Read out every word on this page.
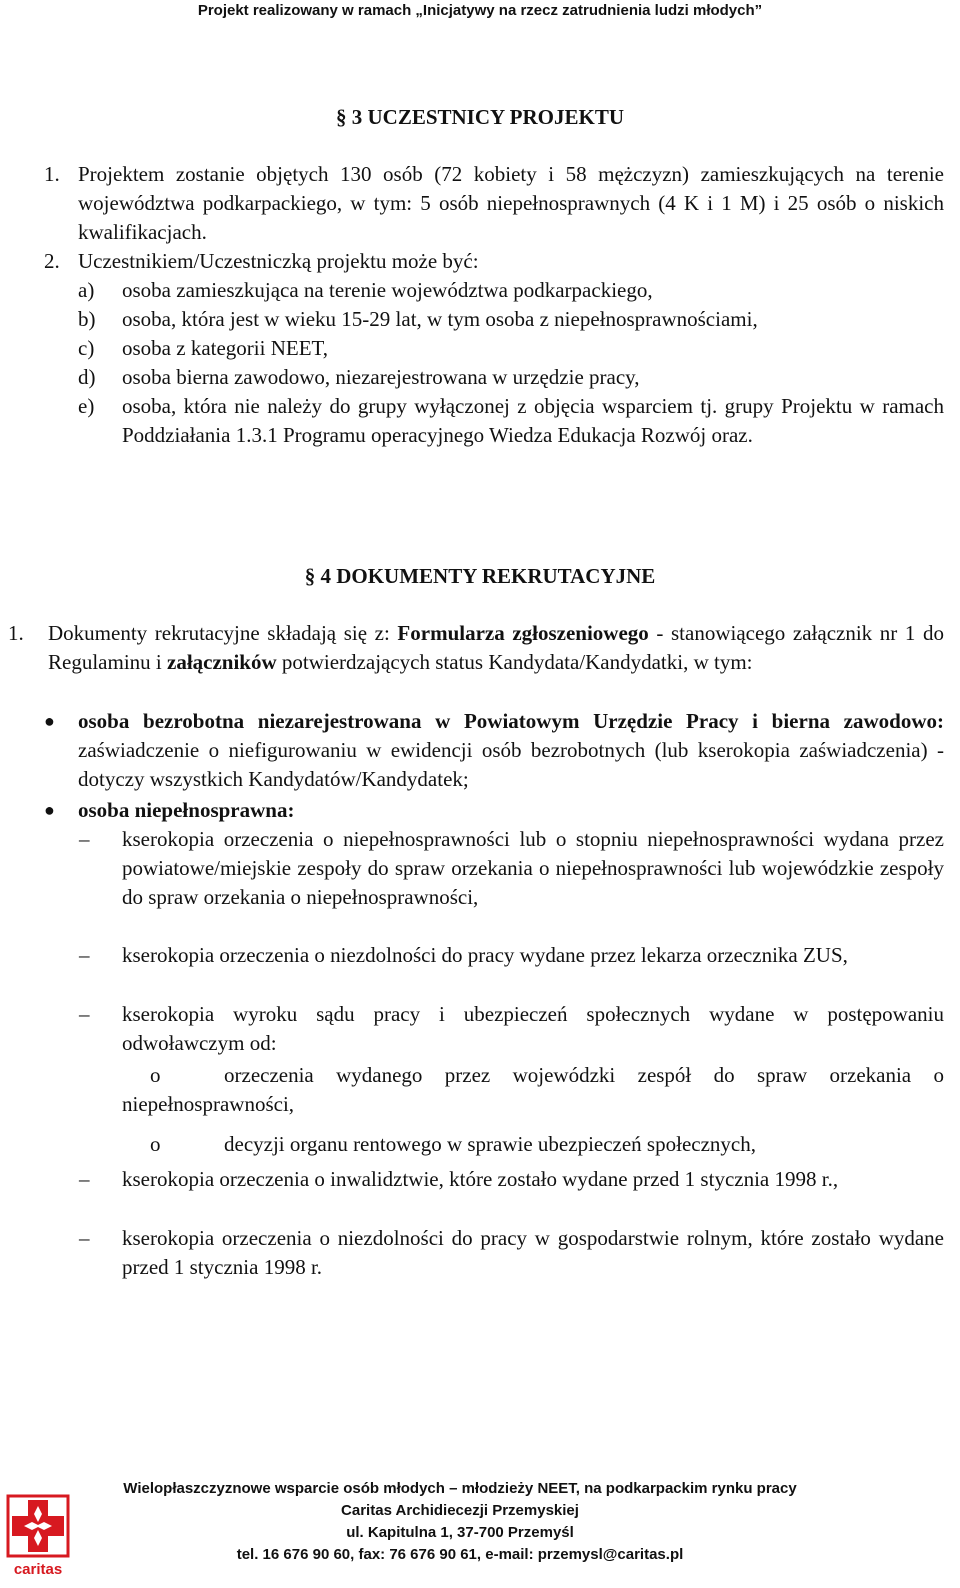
Projekt realizowany w ramach „Inicjatywy na rzecz zatrudnienia ludzi młodych”
§ 3 UCZESTNICY PROJEKTU
1. Projektem zostanie objętych 130 osób (72 kobiety i 58 mężczyzn) zamieszkujących na terenie województwa podkarpackiego, w tym: 5 osób niepełnosprawnych (4 K i 1 M) i 25 osób o niskich kwalifikacjach.
2. Uczestnikiem/Uczestniczką projektu może być:
a) osoba zamieszkująca na terenie województwa podkarpackiego,
b) osoba, która jest w wieku 15-29 lat, w tym osoba z niepełnosprawnościami,
c) osoba z kategorii NEET,
d) osoba bierna zawodowo, niezarejestrowana w urzędzie pracy,
e) osoba, która nie należy do grupy wyłączonej z objęcia wsparciem tj. grupy Projektu w ramach Poddziałania 1.3.1 Programu operacyjnego Wiedza Edukacja Rozwój oraz.
§ 4 DOKUMENTY REKRUTACYJNE
1. Dokumenty rekrutacyjne składają się z: Formularza zgłoszeniowego - stanowiącego załącznik nr 1 do Regulaminu i załączników potwierdzających status Kandydata/Kandydatki, w tym:
● osoba bezrobotna niezarejestrowana w Powiatowym Urzędzie Pracy i bierna zawodowo: zaświadczenie o niefigurowaniu w ewidencji osób bezrobotnych (lub kserokopia zaświadczenia) - dotyczy wszystkich Kandydatów/Kandydatek;
● osoba niepełnosprawna:
– kserokopia orzeczenia o niepełnosprawności lub o stopniu niepełnosprawności wydana przez powiatowe/miejskie zespoły do spraw orzekania o niepełnosprawności lub wojewódzkie zespoły do spraw orzekania o niepełnosprawności,
– kserokopia orzeczenia o niezdolności do pracy wydane przez lekarza orzecznika ZUS,
– kserokopia wyroku sądu pracy i ubezpieczeń społecznych wydane w postępowaniu odwoławczym od:
o	orzeczenia wydanego przez wojewódzki zespół do spraw orzekania o niepełnosprawności,
o	decyzji organu rentowego w sprawie ubezpieczeń społecznych,
– kserokopia orzeczenia o inwalidztwie, które zostało wydane przed 1 stycznia 1998 r.,
– kserokopia orzeczenia o niezdolności do pracy w gospodarstwie rolnym, które zostało wydane przed 1 stycznia 1998 r.
caritas
Wielopłaszczyznowe wsparcie osób młodych – młodzieży NEET, na podkarpackim rynku pracy
Caritas Archidiecezji Przemyskiej
ul. Kapitulna 1, 37-700 Przemyśl
tel. 16 676 90 60, fax: 76 676 90 61, e-mail: przemysl@caritas.pl
